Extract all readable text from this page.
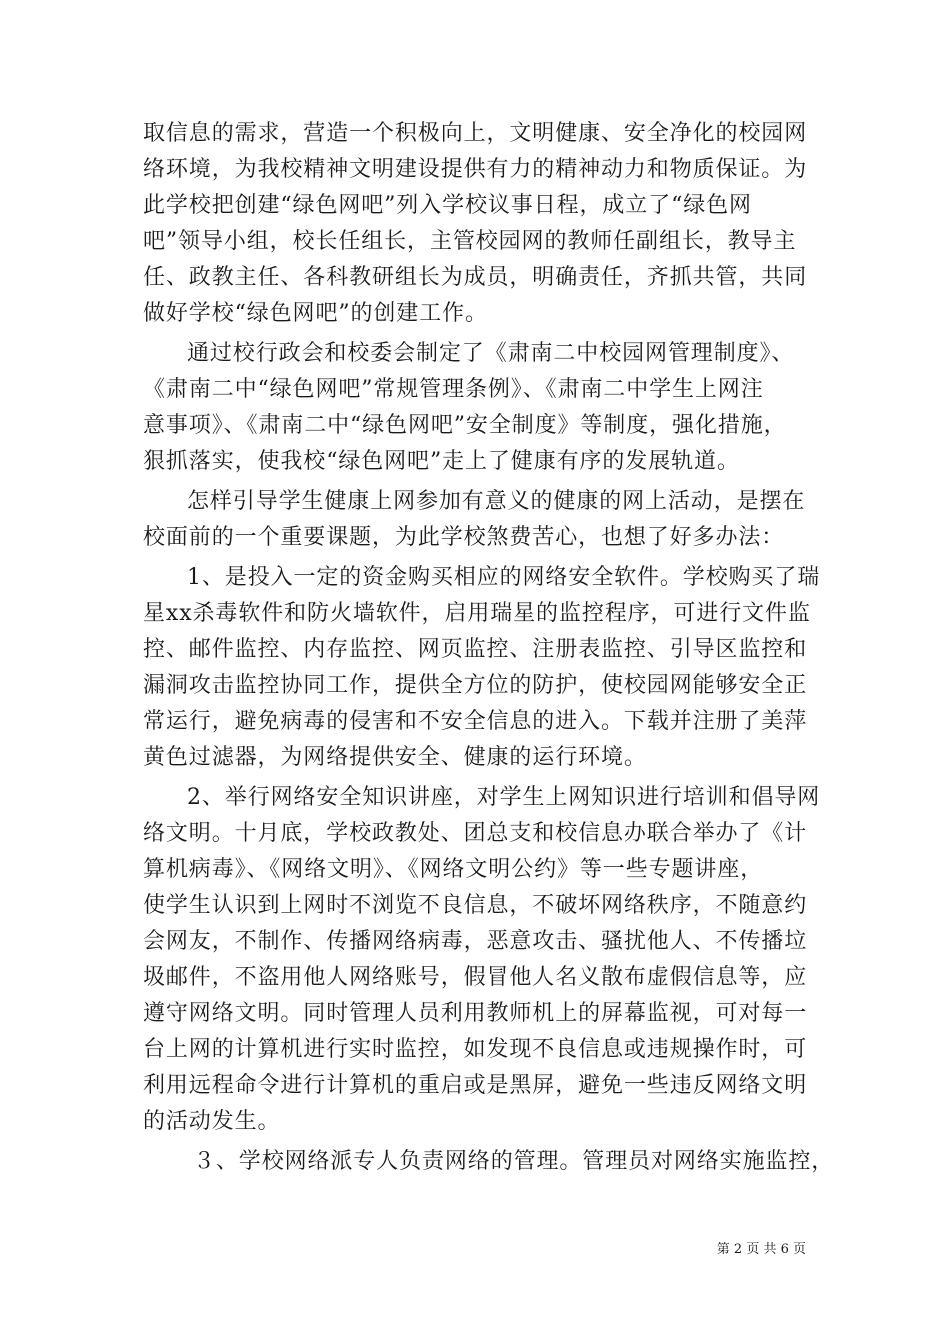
取信息的需求，营造一个积极向上，文明健康、安全净化的校园网
络环境，为我校精神文明建设提供有力的精神动力和物质保证。为
此学校把创建“绿色网吧”列入学校议事日程，成立了“绿色网
吧”领导小组，校长任组长，主管校园网的教师任副组长，教导主
任、政教主任、各科教研组长为成员，明确责任，齐抓共管，共同
做好学校“绿色网吧”的创建工作。
通过校行政会和校委会制定了《肃南二中校园网管理制度》、
《肃南二中“绿色网吧”常规管理条例》、《肃南二中学生上网注
意事项》、《肃南二中“绿色网吧”安全制度》等制度，强化措施，
狠抓落实，使我校“绿色网吧”走上了健康有序的发展轨道。
怎样引导学生健康上网参加有意义的健康的网上活动，是摆在
校面前的一个重要课题，为此学校煞费苦心，也想了好多办法：
1、是投入一定的资金购买相应的网络安全软件。学校购买了瑞
星xx杀毒软件和防火墙软件，启用瑞星的监控程序，可进行文件监
控、邮件监控、内存监控、网页监控、注册表监控、引导区监控和
漏洞攻击监控协同工作，提供全方位的防护，使校园网能够安全正
常运行，避免病毒的侵害和不安全信息的进入。下载并注册了美萍
黄色过滤器，为网络提供安全、健康的运行环境。
2、举行网络安全知识讲座，对学生上网知识进行培训和倡导网
络文明。十月底，学校政教处、团总支和校信息办联合举办了《计
算机病毒》、《网络文明》、《网络文明公约》等一些专题讲座，
使学生认识到上网时不浏览不良信息，不破坏网络秩序，不随意约
会网友，不制作、传播网络病毒，恶意攻击、骚扰他人、不传播垃
圾邮件，不盗用他人网络账号，假冒他人名义散布虚假信息等，应
遵守网络文明。同时管理人员利用教师机上的屏幕监视，可对每一
台上网的计算机进行实时监控，如发现不良信息或违规操作时，可
利用远程命令进行计算机的重启或是黑屏，避免一些违反网络文明
的活动发生。
３、学校网络派专人负责网络的管理。管理员对网络实施监控，
第 2 页 共 6 页
